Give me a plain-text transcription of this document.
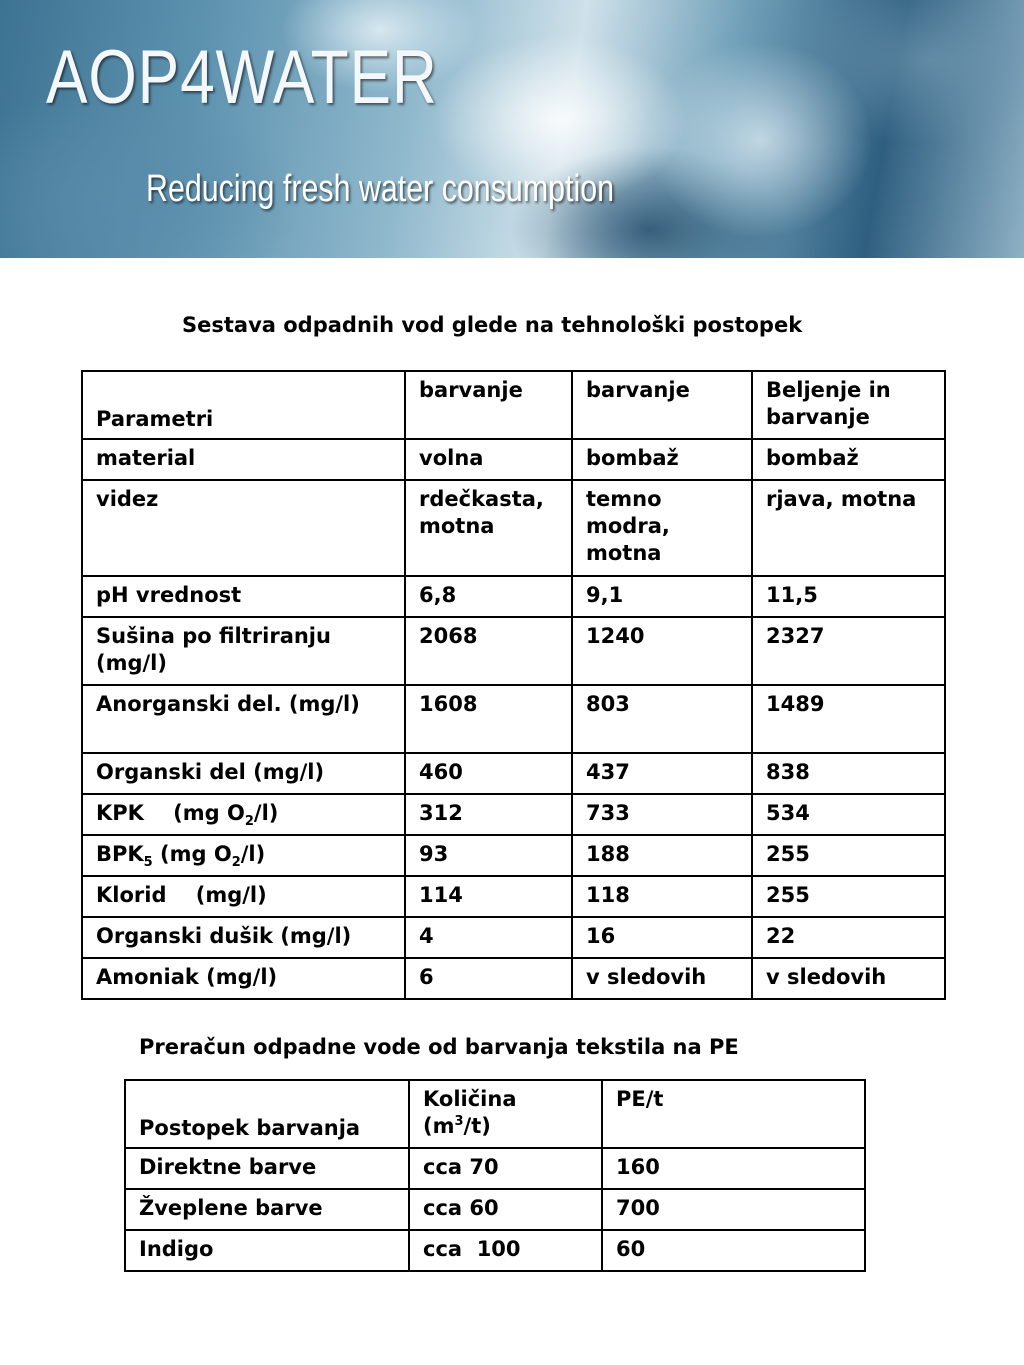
AOP4WATER
Reducing fresh water consumption
Sestava odpadnih vod glede na tehnološki postopek
Parametri	barvanje	barvanje	Beljenje in barvanje
material	volna	bombaž	bombaž
videz	rdečkasta, motna	temno modra, motna	rjava, motna
pH vrednost	6,8	9,1	11,5
Sušina po filtriranju (mg/l)	2068	1240	2327
Anorganski del. (mg/l)	1608	803	1489
Organski del (mg/l)	460	437	838
KPK    (mg $O_2/l$)	312	733	534
$BPK_5$ (mg $O_2/l$)	93	188	255
Klorid    (mg/l)	114	118	255
Organski dušik (mg/l)	4	16	22
Amoniak (mg/l)	6	v sledovih	v sledovih
Preračun odpadne vode od barvanja tekstila na PE
Postopek barvanja	Količina $(m^3/t)$	PE/t
Direktne barve	cca 70	160
Žveplene barve	cca 60	700
Indigo	cca  100	60
